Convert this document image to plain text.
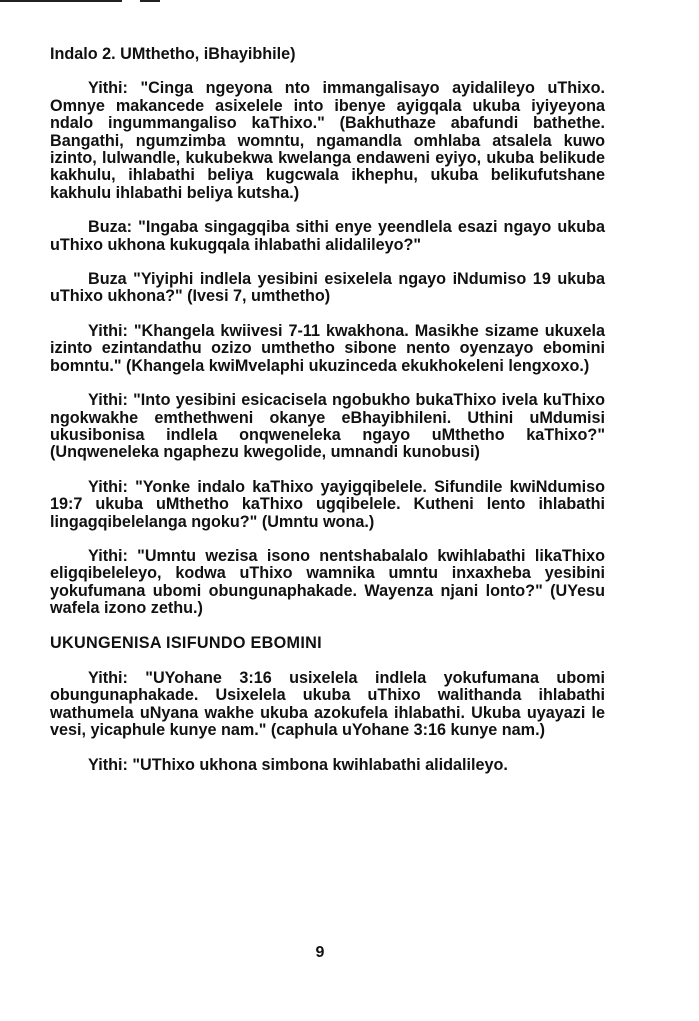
Indalo 2. UMthetho, iBhayibhile)

Yithi: "Cinga ngeyona nto immangalisayo ayidalileyo uThixo. Omnye makancede asixelele into ibenye ayigqala ukuba iyiyeyona ndalo ingummangaliso kaThixo." (Bakhuthaze abafundi bathethe. Bangathi, ngumzimba womntu, ngamandla omhlaba atsalela kuwo izinto, lulwandle, kukubekwa kwelanga endaweni eyiyo, ukuba belikude kakhulu, ihlabathi beliya kugcwala ikhephu, ukuba belikufutshane kakhulu ihlabathi beliya kutsha.)

Buza: "Ingaba singagqiba sithi enye yeendlela esazi ngayo ukuba uThixo ukhona kukugqala ihlabathi alidalileyo?"

Buza "Yiyiphi indlela yesibini esixelela ngayo iNdumiso 19 ukuba uThixo ukhona?" (Ivesi 7, umthetho)

Yithi: "Khangela kwiivesi 7-11 kwakhona. Masikhe sizame ukuxela izinto ezintandathu ozizo umthetho sibone nento oyenzayo ebomini bomntu." (Khangela kwiMvelaphi ukuzinceda ekukhokeleni lengxoxo.)

Yithi: "Into yesibini esicacisela ngobukho bukaThixo ivela kuThixo ngokwakhe emthethweni okanye eBhayibhileni. Uthini uMdumisi ukusibonisa indlela onqweneleka ngayo uMthetho kaThixo?" (Unqweneleka ngaphezu kwegolide, umnandi kunobusi)

Yithi: "Yonke indalo kaThixo yayigqibelele. Sifundile kwiNdumiso 19:7 ukuba uMthetho kaThixo ugqibelele. Kutheni lento ihlabathi lingagqibelelanga ngoku?" (Umntu wona.)

Yithi: "Umntu wezisa isono nentshabalalo kwihlabathi likaThixo eligqibeleleyo, kodwa uThixo wamnika umntu inxaxheba yesibini yokufumana ubomi obungunaphakade. Wayenza njani lonto?" (UYesu wafela izono zethu.)

UKUNGENISA ISIFUNDO EBOMINI

Yithi: "UYohane 3:16 usixelela indlela yokufumana ubomi obungunaphakade. Usixelela ukuba uThixo walithanda ihlabathi wathumela uNyana wakhe ukuba azokufela ihlabathi. Ukuba uyayazi le vesi, yicaphule kunye nam." (caphula uYohane 3:16 kunye nam.)

Yithi: "UThixo ukhona simbona kwihlabathi alidalileyo.

9
